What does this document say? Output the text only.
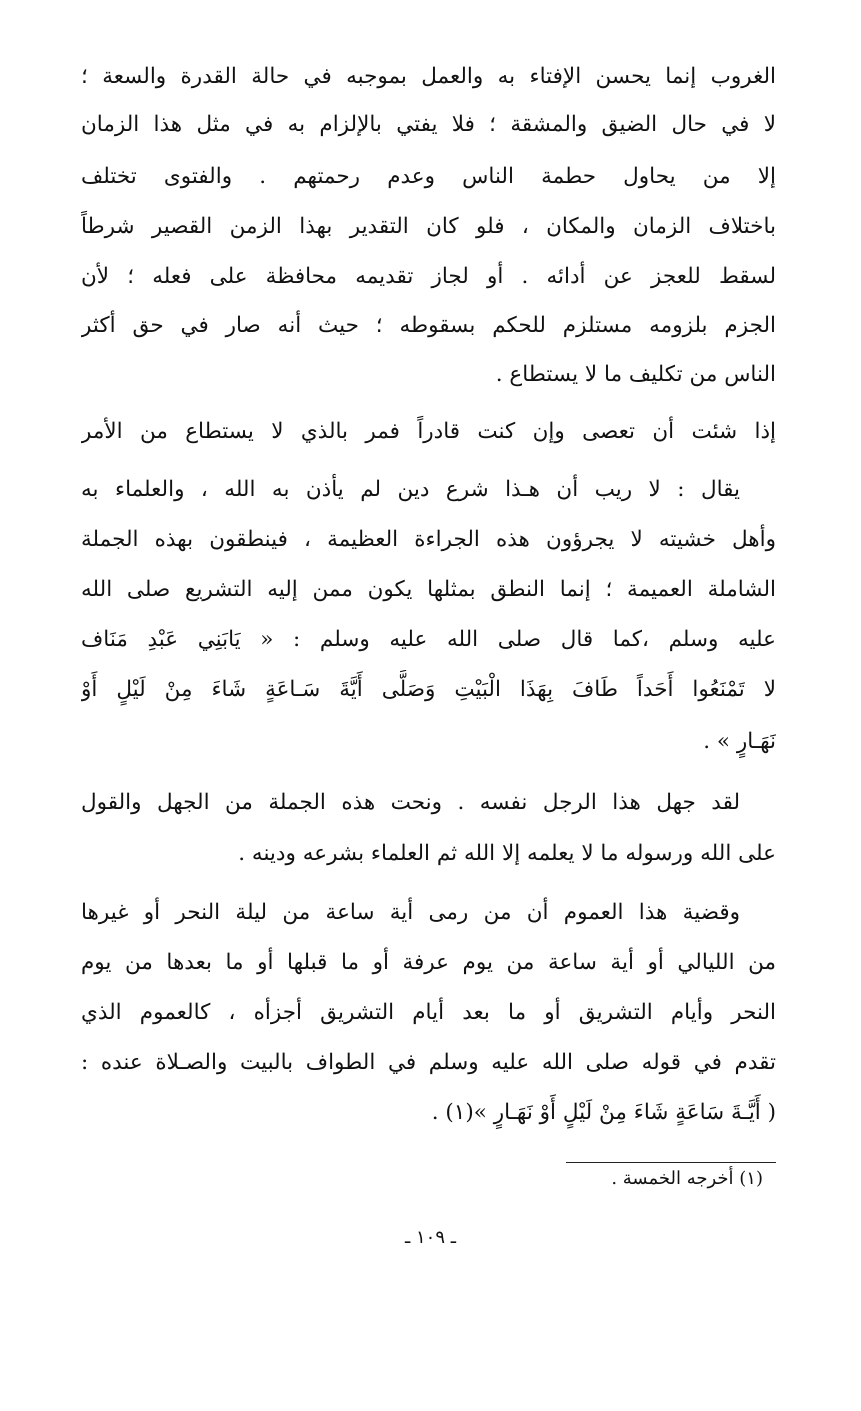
الغروب إنما يحسن الإفتاء به والعمل بموجبه في حالة القدرة والسعة ؛
لا في حال الضيق والمشقة ؛ فلا يفتي بالإلزام به في مثل هذا الزمان
إلا من يحاول حطمة الناس وعدم رحمتهم . والفتوى تختلف
باختلاف الزمان والمكان ، فلو كان التقدير بهذا الزمن القصير شرطاً
لسقط للعجز عن أدائه . أو لجاز تقديمه محافظة على فعله ؛ لأن
الجزم بلزومه مستلزم للحكم بسقوطه ؛ حيث أنه صار في حق أكثر
الناس من تكليف ما لا يستطاع .
إذا شئت أن تعصى وإن كنت قادراً فمر بالذي لا يستطاع من الأمر
يقال : لا ريب أن هـذا شرع دين لم يأذن به الله ، والعلماء به
وأهل خشيته لا يجرؤون هذه الجراءة العظيمة ، فينطقون بهذه الجملة
الشاملة العميمة ؛ إنما النطق بمثلها يكون ممن إليه التشريع صلى الله
عليه وسلم ،كما قال صلى الله عليه وسلم : « يَابَنِي عَبْدِ مَنَاف
لا تَمْنَعُوا أَحَداً طَافَ بِهَذَا الْبَيْتِ وَصَلَّى أَيَّةَ سَـاعَةٍ شَاءَ مِنْ لَيْلٍ أَوْ
نَهَـارٍ » .
لقد جهل هذا الرجل نفسه . ونحت هذه الجملة من الجهل والقول
على الله ورسوله ما لا يعلمه إلا الله ثم العلماء بشرعه ودينه .
وقضية هذا العموم أن من رمى أية ساعة من ليلة النحر أو غيرها
من الليالي أو أية ساعة من يوم عرفة أو ما قبلها أو ما بعدها من يوم
النحر وأيام التشريق أو ما بعد أيام التشريق أجزأه ، كالعموم الذي
تقدم في قوله صلى الله عليه وسلم في الطواف بالبيت والصـلاة عنده :
( أَيَّـةَ سَاعَةٍ شَاءَ مِنْ لَيْلٍ أَوْ نَهَـارٍ »(١) .
(١) أخرجه الخمسة .
ـ ١٠٩ ـ
